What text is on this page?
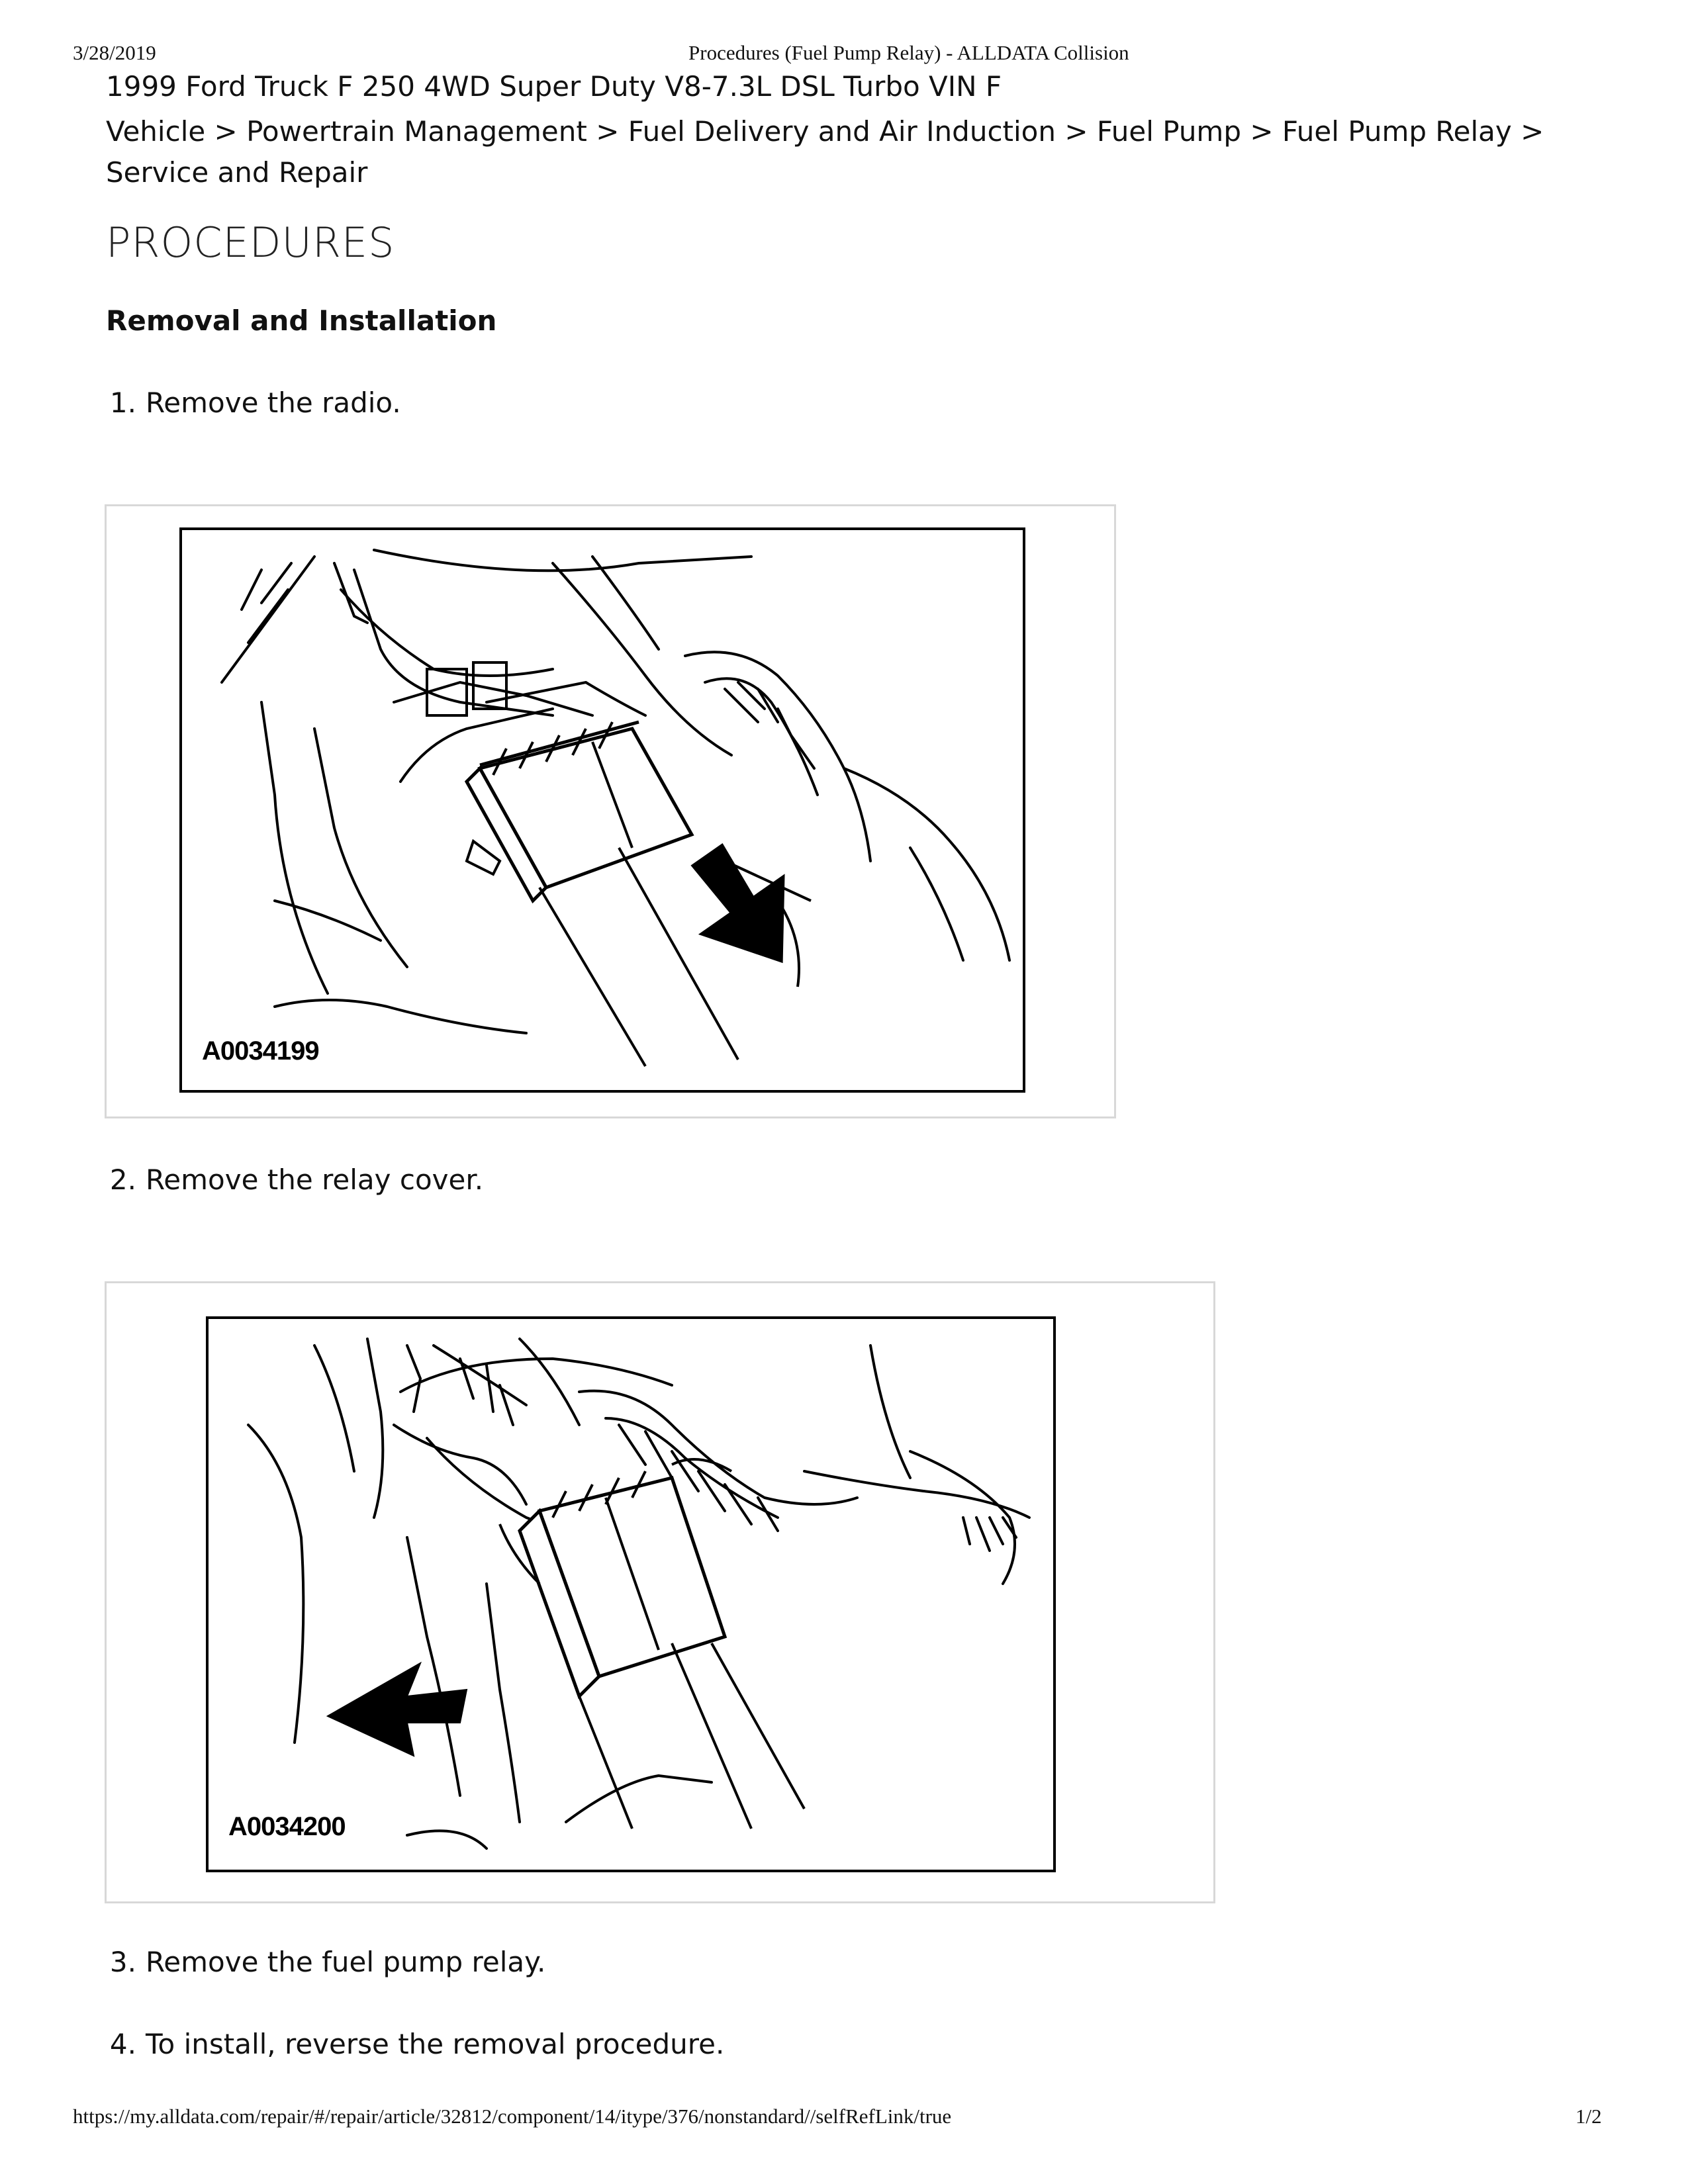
3/28/2019	Procedures (Fuel Pump Relay) - ALLDATA Collision
1999 Ford Truck F 250 4WD Super Duty V8-7.3L DSL Turbo VIN F
Vehicle > Powertrain Management > Fuel Delivery and Air Induction > Fuel Pump > Fuel Pump Relay > Service and Repair
PROCEDURES
Removal and Installation
1. Remove the radio.
A0034199
2. Remove the relay cover.
A0034200
3. Remove the fuel pump relay.
4. To install, reverse the removal procedure.
https://my.alldata.com/repair/#/repair/article/32812/component/14/itype/376/nonstandard//selfRefLink/true	1/2
